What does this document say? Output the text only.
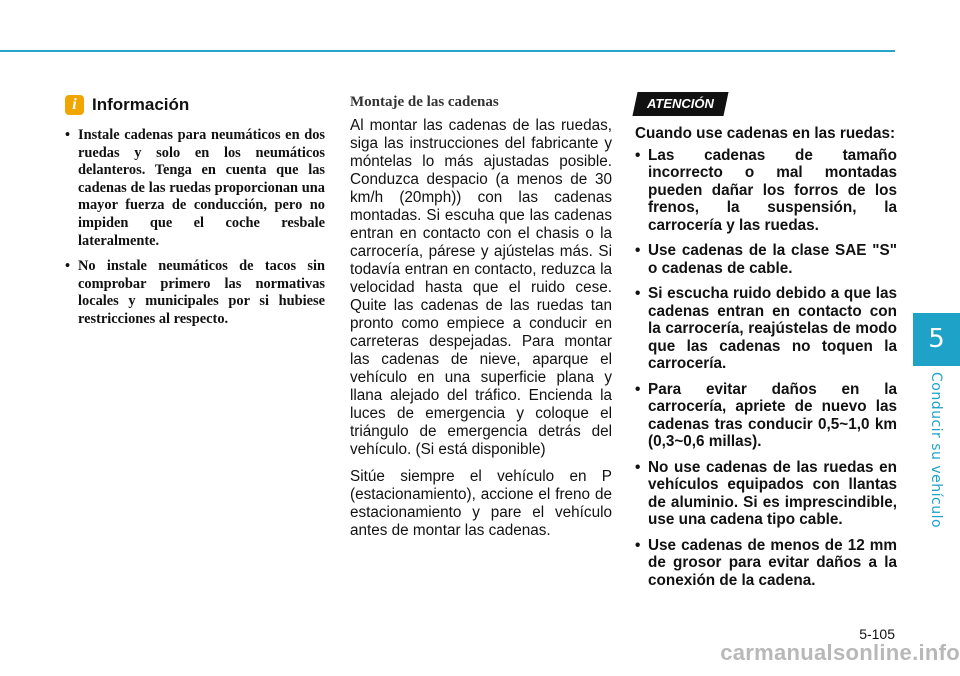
5
Conducir su vehículo
i Información
• Instale cadenas para neumáticos en dos ruedas y solo en los neumáticos delanteros. Tenga en cuenta que las cadenas de las ruedas proporcionan una mayor fuerza de conducción, pero no impiden que el coche resbale lateralmente.
• No instale neumáticos de tacos sin comprobar primero las normativas locales y municipales por si hubiese restricciones al respecto.
Montaje de las cadenas

Al montar las cadenas de las ruedas, siga las instrucciones del fabricante y móntelas lo más ajustadas posible. Conduzca despacio (a menos de 30 km/h (20mph)) con las cadenas montadas. Si escuha que las cadenas entran en contacto con el chasis o la carrocería, párese y ajústelas más. Si todavía entran en contacto, reduzca la velocidad hasta que el ruido cese. Quite las cadenas de las ruedas tan pronto como empiece a conducir en carreteras despejadas. Para montar las cadenas de nieve, aparque el vehículo en una superficie plana y llana alejado del tráfico. Encienda la luces de emergencia y coloque el triángulo de emergencia detrás del vehículo. (Si está disponible)

Sitúe siempre el vehículo en P (estacionamiento), accione el freno de estacionamiento y pare el vehículo antes de montar las cadenas.

ATENCIÓN
Cuando use cadenas en las ruedas:
• Las cadenas de tamaño incorrecto o mal montadas pueden dañar los forros de los frenos, la suspensión, la carrocería y las ruedas.
• Use cadenas de la clase SAE "S" o cadenas de cable.
• Si escucha ruido debido a que las cadenas entran en contacto con la carrocería, reajústelas de modo que las cadenas no toquen la carrocería.
• Para evitar daños en la carrocería, apriete de nuevo las cadenas tras conducir 0,5~1,0 km (0,3~0,6 millas).
• No use cadenas de las ruedas en vehículos equipados con llantas de aluminio. Si es imprescindible, use una cadena tipo cable.
• Use cadenas de menos de 12 mm de grosor para evitar daños a la conexión de la cadena.
5-105
carmanualsonline.info
